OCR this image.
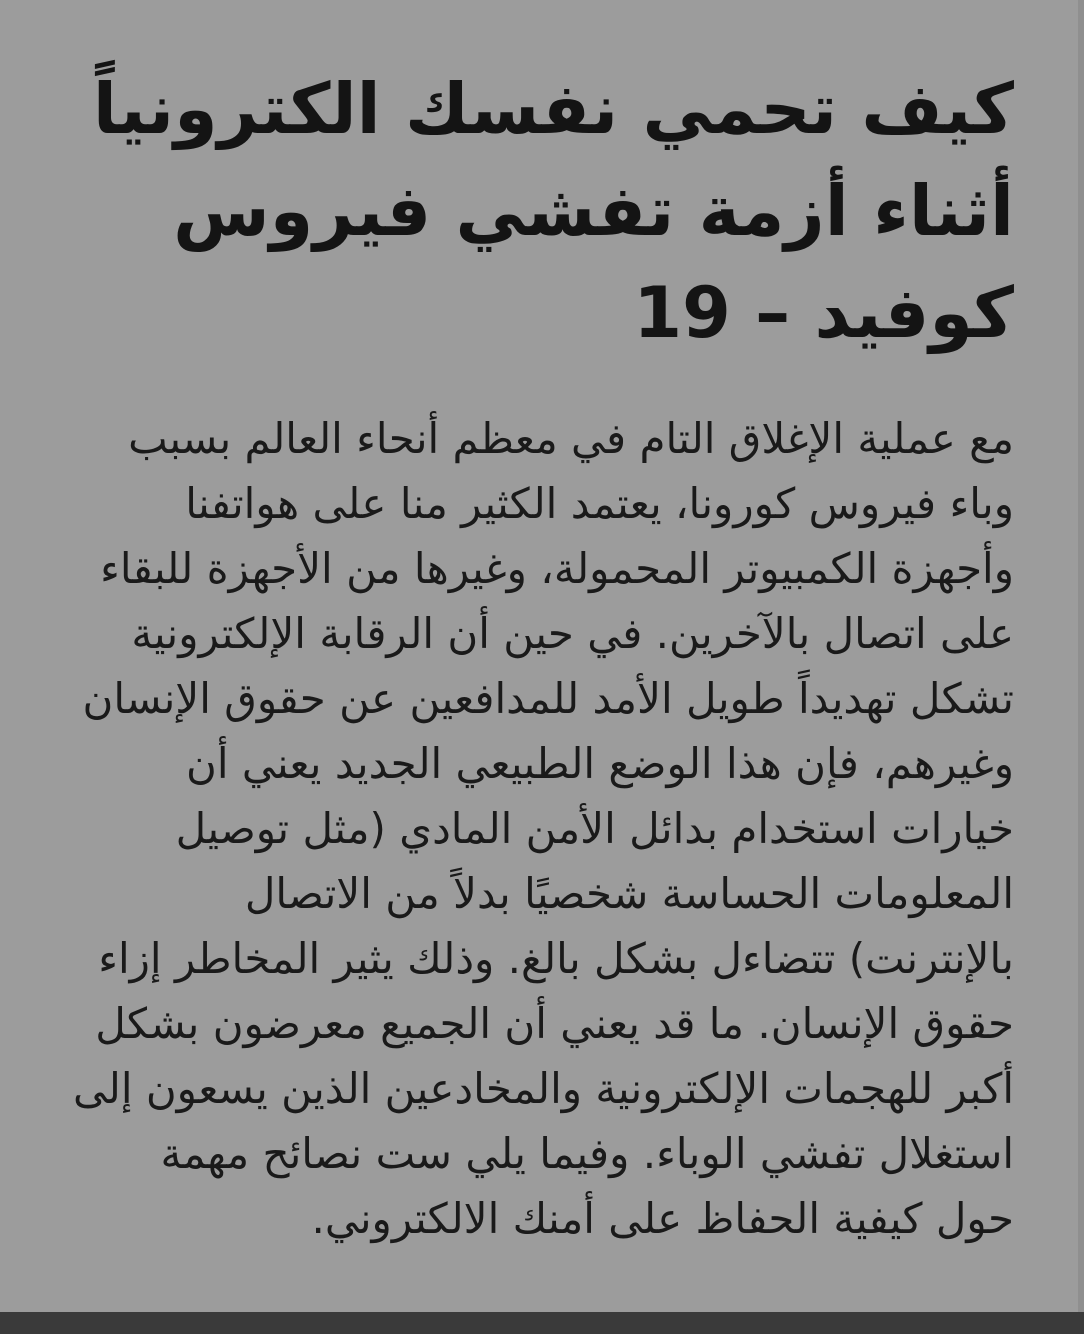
كيف تحمي نفسك الكترونياً أثناء أزمة تفشي فيروس كوفيد – 19

مع عملية الإغلاق التام في معظم أنحاء العالم بسبب وباء فيروس كورونا، يعتمد الكثير منا على هواتفنا وأجهزة الكمبيوتر المحمولة، وغيرها من الأجهزة للبقاء على اتصال بالآخرين. في حين أن الرقابة الإلكترونية تشكل تهديداً طويل الأمد للمدافعين عن حقوق الإنسان وغيرهم، فإن هذا الوضع الطبيعي الجديد يعني أن خيارات استخدام بدائل الأمن المادي (مثل توصيل المعلومات الحساسة شخصيًا بدلاً من الاتصال بالإنترنت) تتضاءل بشكل بالغ. وذلك يثير المخاطر إزاء حقوق الإنسان. ما قد يعني أن الجميع معرضون بشكل أكبر للهجمات الإلكترونية والمخادعين الذين يسعون إلى استغلال تفشي الوباء. وفيما يلي ست نصائح مهمة حول كيفية الحفاظ على أمنك الالكتروني.
